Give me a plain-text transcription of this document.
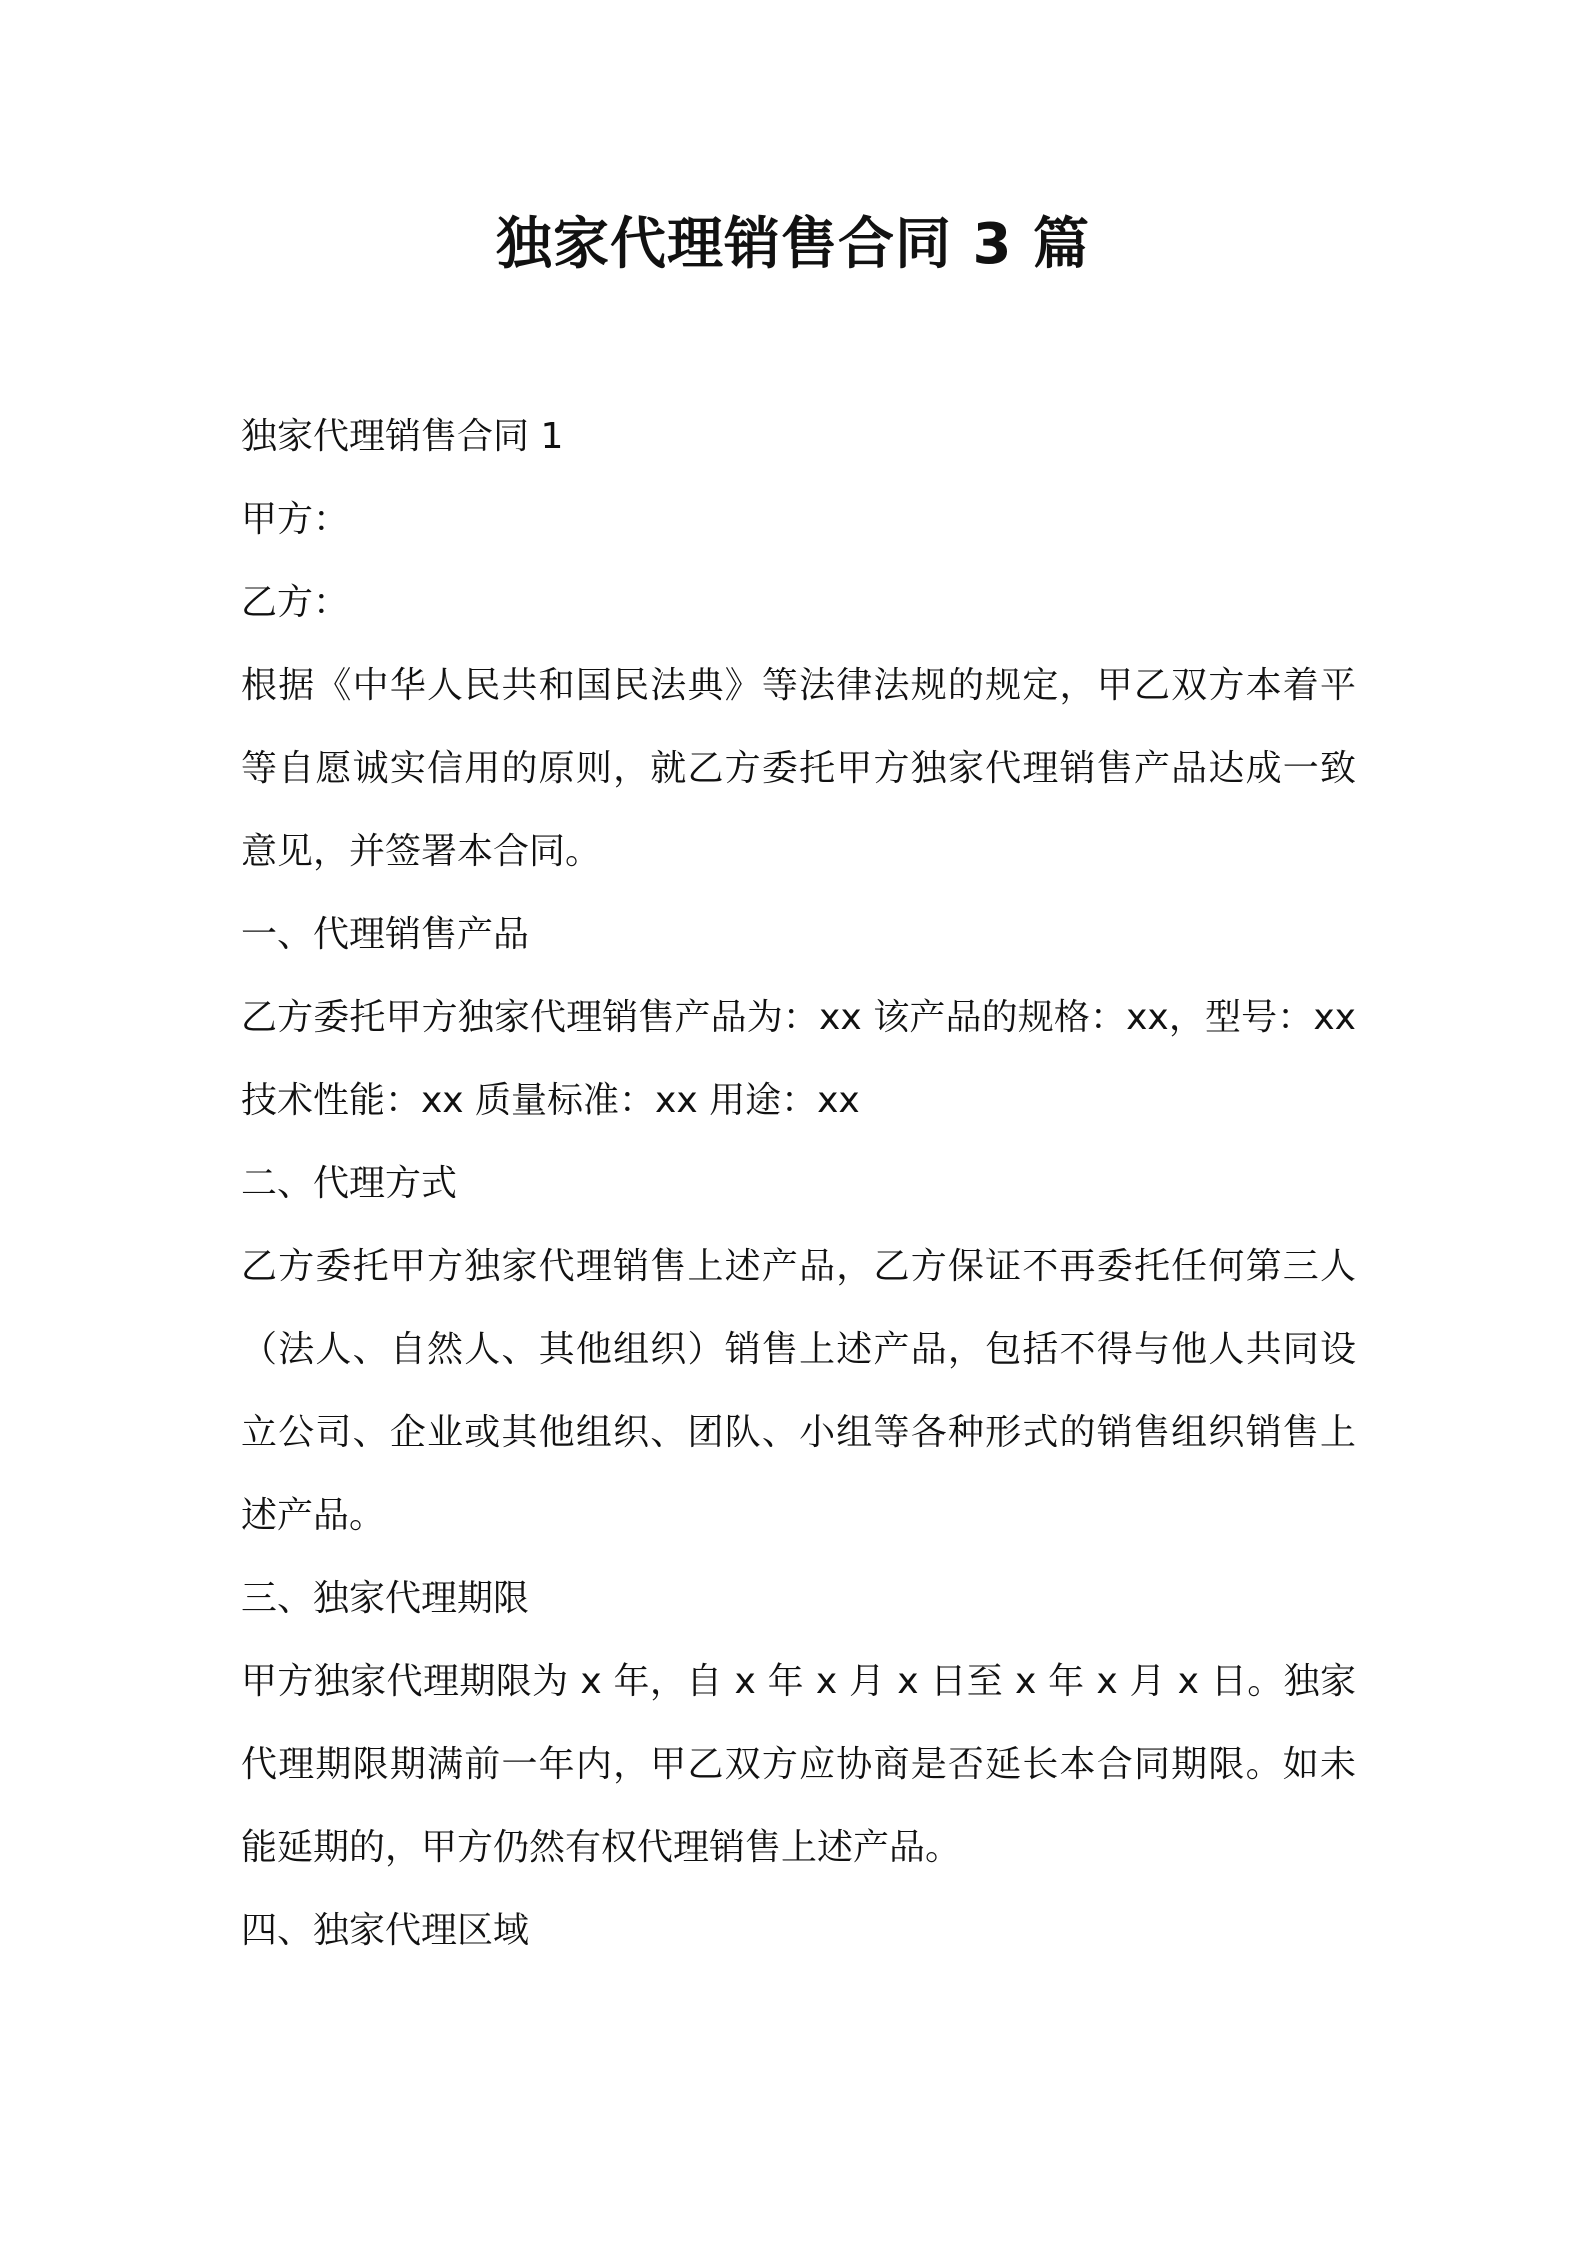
独家代理销售合同 3 篇
独家代理销售合同 1
甲方：
乙方：
根据《中华人民共和国民法典》等法律法规的规定，甲乙双方本着平等自愿诚实信用的原则，就乙方委托甲方独家代理销售产品达成一致意见，并签署本合同。
一、代理销售产品
乙方委托甲方独家代理销售产品为：xx 该产品的规格：xx，型号：xx 技术性能：xx 质量标准：xx 用途：xx
二、代理方式
乙方委托甲方独家代理销售上述产品，乙方保证不再委托任何第三人（法人、自然人、其他组织）销售上述产品，包括不得与他人共同设立公司、企业或其他组织、团队、小组等各种形式的销售组织销售上述产品。
三、独家代理期限
甲方独家代理期限为 x 年，自 x 年 x 月 x 日至 x 年 x 月 x 日。独家代理期限期满前一年内，甲乙双方应协商是否延长本合同期限。如未能延期的，甲方仍然有权代理销售上述产品。
四、独家代理区域
